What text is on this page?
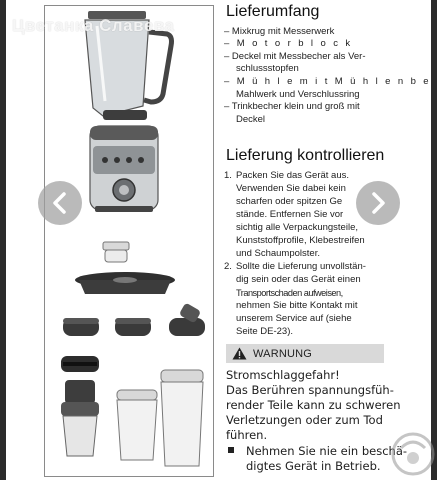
Цветанка Славева
Lieferumfang
– Mixkrug mit Messerwerk
– M o t o r b l o c k
– Deckel mit Messbecher als Ver-
schlussstopfen
– M ü h l e m i t M ü h l e n b e
Mahlwerk und Verschlussring
– Trinkbecher klein und groß mit
Deckel
Lieferung kontrollieren
1. Packen Sie das Gerät aus.
Verwenden Sie dabei kein
scharfen oder spitzen Ge
stände. Entfernen Sie vor
sichtig alle Verpackungsteile,
Kunststoffprofile, Klebestreifen
und Schaumpolster.
2. Sollte die Lieferung unvollstän-
dig sein oder das Gerät einen
Transportschaden aufweisen,
nehmen Sie bitte Kontakt mit
unserem Service auf (siehe
Seite DE-23).
WARNUNG
Stromschlaggefahr!
Das Berühren spannungsfüh-
render Teile kann zu schweren
Verletzungen oder zum Tod
führen.
Nehmen Sie nie ein beschä-
digtes Gerät in Betrieb.
